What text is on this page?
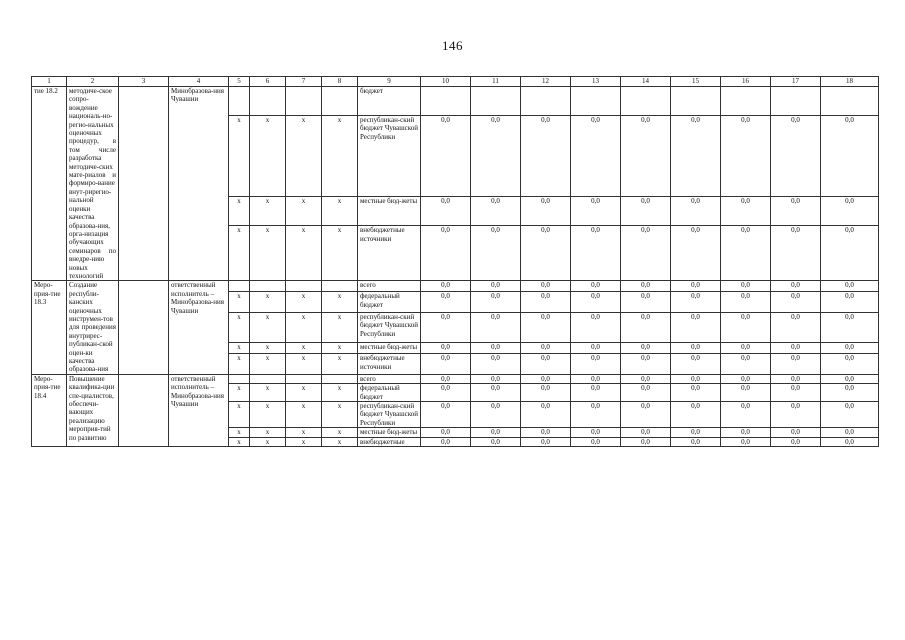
146
1	2	3	4	5	6	7	8	9	10	11	12	13	14	15	16	17	18
тие 18.2	методиче-ское сопро-вождение националь-но-регио-нальных оценочных процедур, в том числе разработка методиче-ских мате-риалов и формиро-вание внут-рирегио-нальной оценки качества образова-ния, орга-низация обучающих семинаров по внедре-нию новых технологий		Минобразова-ния Чувашии					бюджет									
				х	х	х	х	республикан-ский бюджет Чувашской Республики	0,0	0,0	0,0	0,0	0,0	0,0	0,0	0,0	0,0
				х	х	х	х	местные бюд-жеты	0,0	0,0	0,0	0,0	0,0	0,0	0,0	0,0	0,0
				х	х	х	х	внебюджетные источники	0,0	0,0	0,0	0,0	0,0	0,0	0,0	0,0	0,0
Меро-прия-тие 18.3	Создание республи-канских оценочных инструмен-тов для проведения внутрирес-публикан-ской оцен-ки качества образова-ния		ответственный исполнитель – Минобразова-ния Чувашии					всего	0,0	0,0	0,0	0,0	0,0	0,0	0,0	0,0	0,0
				х	х	х	х	федеральный бюджет	0,0	0,0	0,0	0,0	0,0	0,0	0,0	0,0	0,0
				х	х	х	х	республикан-ский бюджет Чувашской Республики	0,0	0,0	0,0	0,0	0,0	0,0	0,0	0,0	0,0
				х	х	х	х	местные бюд-жеты	0,0	0,0	0,0	0,0	0,0	0,0	0,0	0,0	0,0
				х	х	х	х	внебюджетные источники	0,0	0,0	0,0	0,0	0,0	0,0	0,0	0,0	0,0
Меро-прия-тие 18.4	Повышение квалифика-ции спе-циалистов, обеспечи-вающих реализацию мероприя-тий по развитию		ответственный исполнитель – Минобразова-ния Чувашии					всего	0,0	0,0	0,0	0,0	0,0	0,0	0,0	0,0	0,0
				х	х	х	х	федеральный бюджет	0,0	0,0	0,0	0,0	0,0	0,0	0,0	0,0	0,0
				х	х	х	х	республикан-ский бюджет Чувашской Республики	0,0	0,0	0,0	0,0	0,0	0,0	0,0	0,0	0,0
				х	х	х	х	местные бюд-жеты	0,0	0,0	0,0	0,0	0,0	0,0	0,0	0,0	0,0
				х	х	х	х	внебюджетные	0,0	0,0	0,0	0,0	0,0	0,0	0,0	0,0	0,0
